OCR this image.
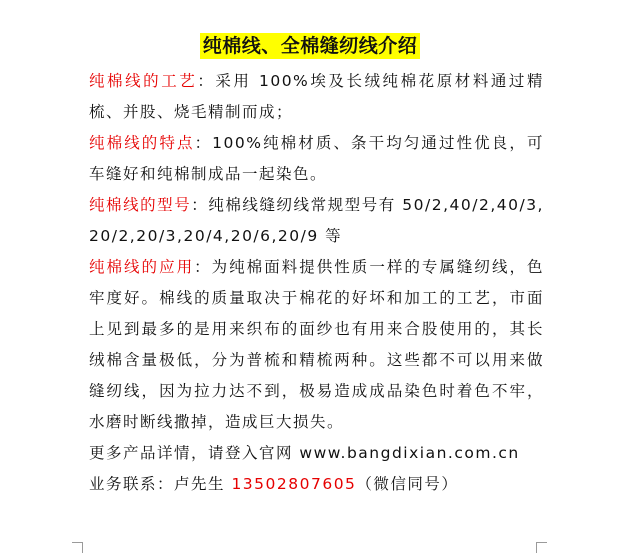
纯棉线、全棉缝纫线介绍

纯棉线的工艺：采用 100%埃及长绒纯棉花原材料通过精梳、并股、烧毛精制而成；

纯棉线的特点：100%纯棉材质、条干均匀通过性优良，可车缝好和纯棉制成品一起染色。

纯棉线的型号：纯棉线缝纫线常规型号有 50/2,40/2,40/3,20/2,20/3,20/4,20/6,20/9 等

纯棉线的应用：为纯棉面料提供性质一样的专属缝纫线，色牢度好。棉线的质量取决于棉花的好坏和加工的工艺，市面上见到最多的是用来织布的面纱也有用来合股使用的，其长绒棉含量极低，分为普梳和精梳两种。这些都不可以用来做缝纫线，因为拉力达不到，极易造成成品染色时着色不牢，水磨时断线撒掉，造成巨大损失。

更多产品详情，请登入官网 www.bangdixian.com.cn

业务联系：卢先生 13502807605（微信同号）
